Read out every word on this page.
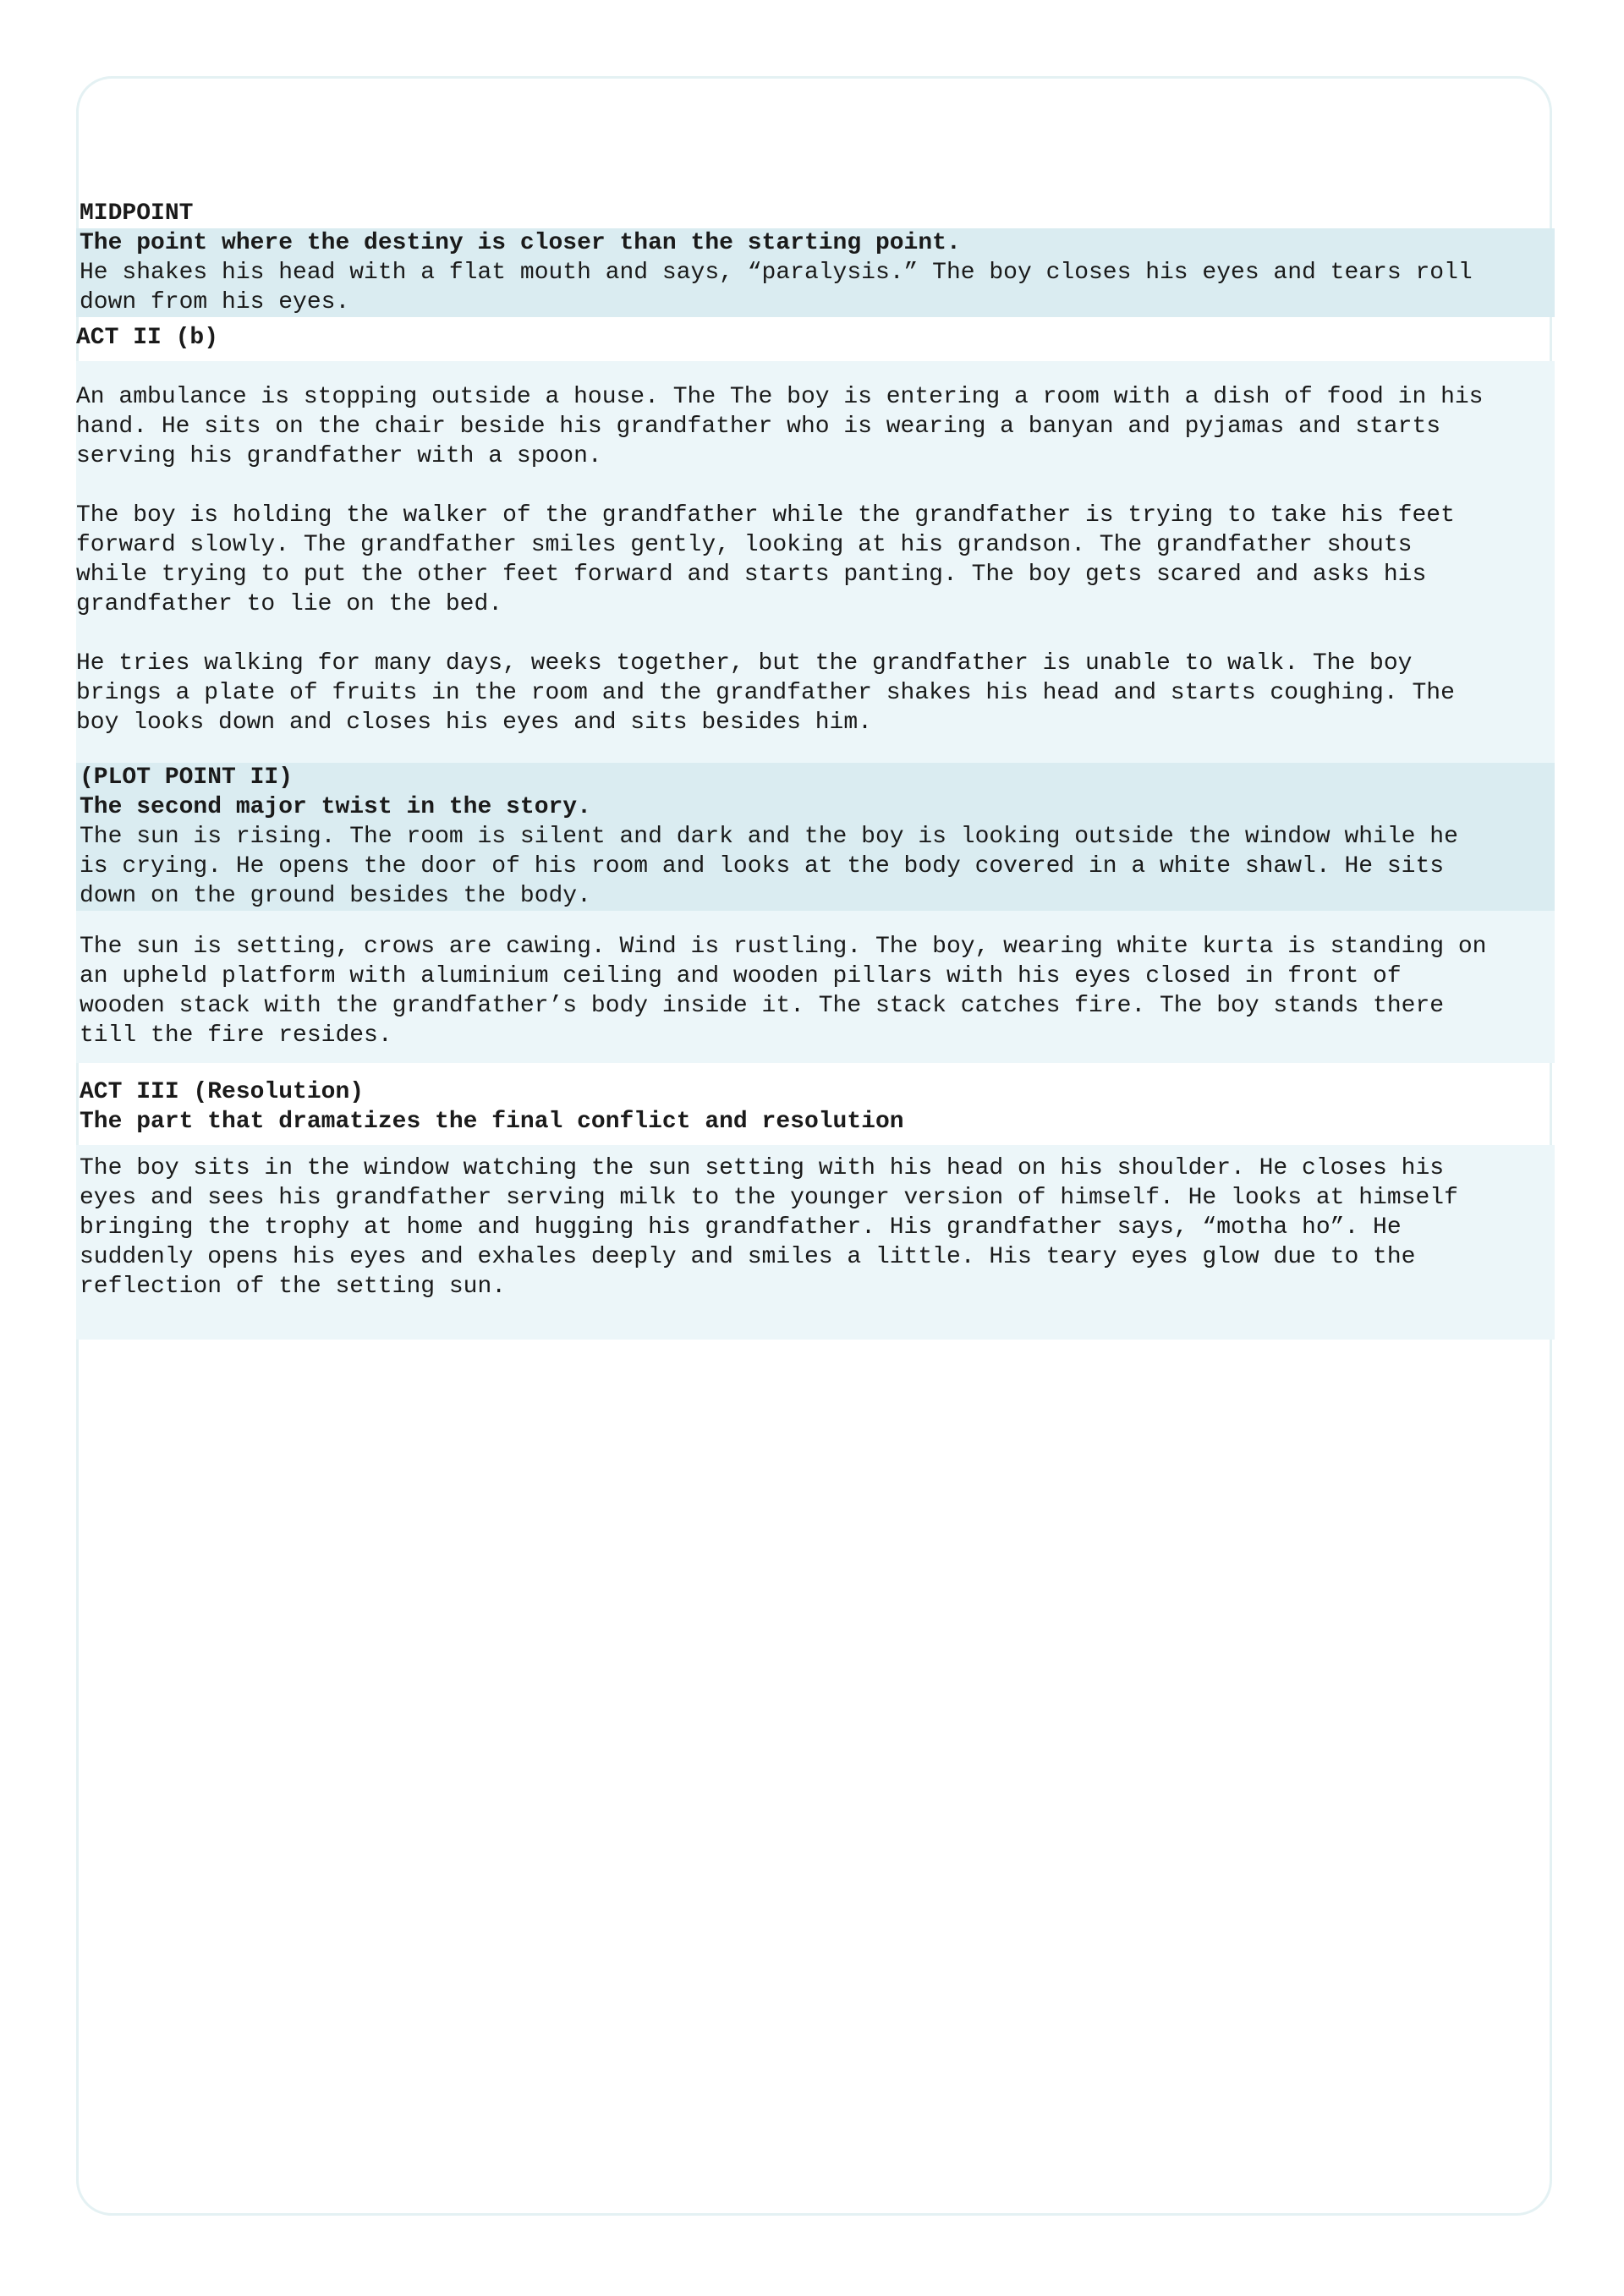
MIDPOINT

The point where the destiny is closer than the starting point.

He shakes his head with a flat mouth and says, “paralysis.” The boy closes his eyes and tears roll

down from his eyes.

ACT II (b)

An ambulance is stopping outside a house. The The boy is entering a room with a dish of food in his

hand. He sits on the chair beside his grandfather who is wearing a banyan and pyjamas and starts

serving his grandfather with a spoon.

The boy is holding the walker of the grandfather while the grandfather is trying to take his feet

forward slowly. The grandfather smiles gently, looking at his grandson. The grandfather shouts

while trying to put the other feet forward and starts panting. The boy gets scared and asks his

grandfather to lie on the bed.

He tries walking for many days, weeks together, but the grandfather is unable to walk. The boy

brings a plate of fruits in the room and the grandfather shakes his head and starts coughing. The

boy looks down and closes his eyes and sits besides him.

(PLOT POINT II)

The second major twist in the story.

The sun is rising. The room is silent and dark and the boy is looking outside the window while he

is crying. He opens the door of his room and looks at the body covered in a white shawl. He sits

down on the ground besides the body.

The sun is setting, crows are cawing. Wind is rustling. The boy, wearing white kurta is standing on

an upheld platform with aluminium ceiling and wooden pillars with his eyes closed in front of

wooden stack with the grandfather’s body inside it. The stack catches fire. The boy stands there

till the fire resides.

ACT III (Resolution)

The part that dramatizes the final conflict and resolution

The boy sits in the window watching the sun setting with his head on his shoulder. He closes his

eyes and sees his grandfather serving milk to the younger version of himself. He looks at himself

bringing the trophy at home and hugging his grandfather. His grandfather says, “motha ho”. He

suddenly opens his eyes and exhales deeply and smiles a little. His teary eyes glow due to the

reflection of the setting sun.
